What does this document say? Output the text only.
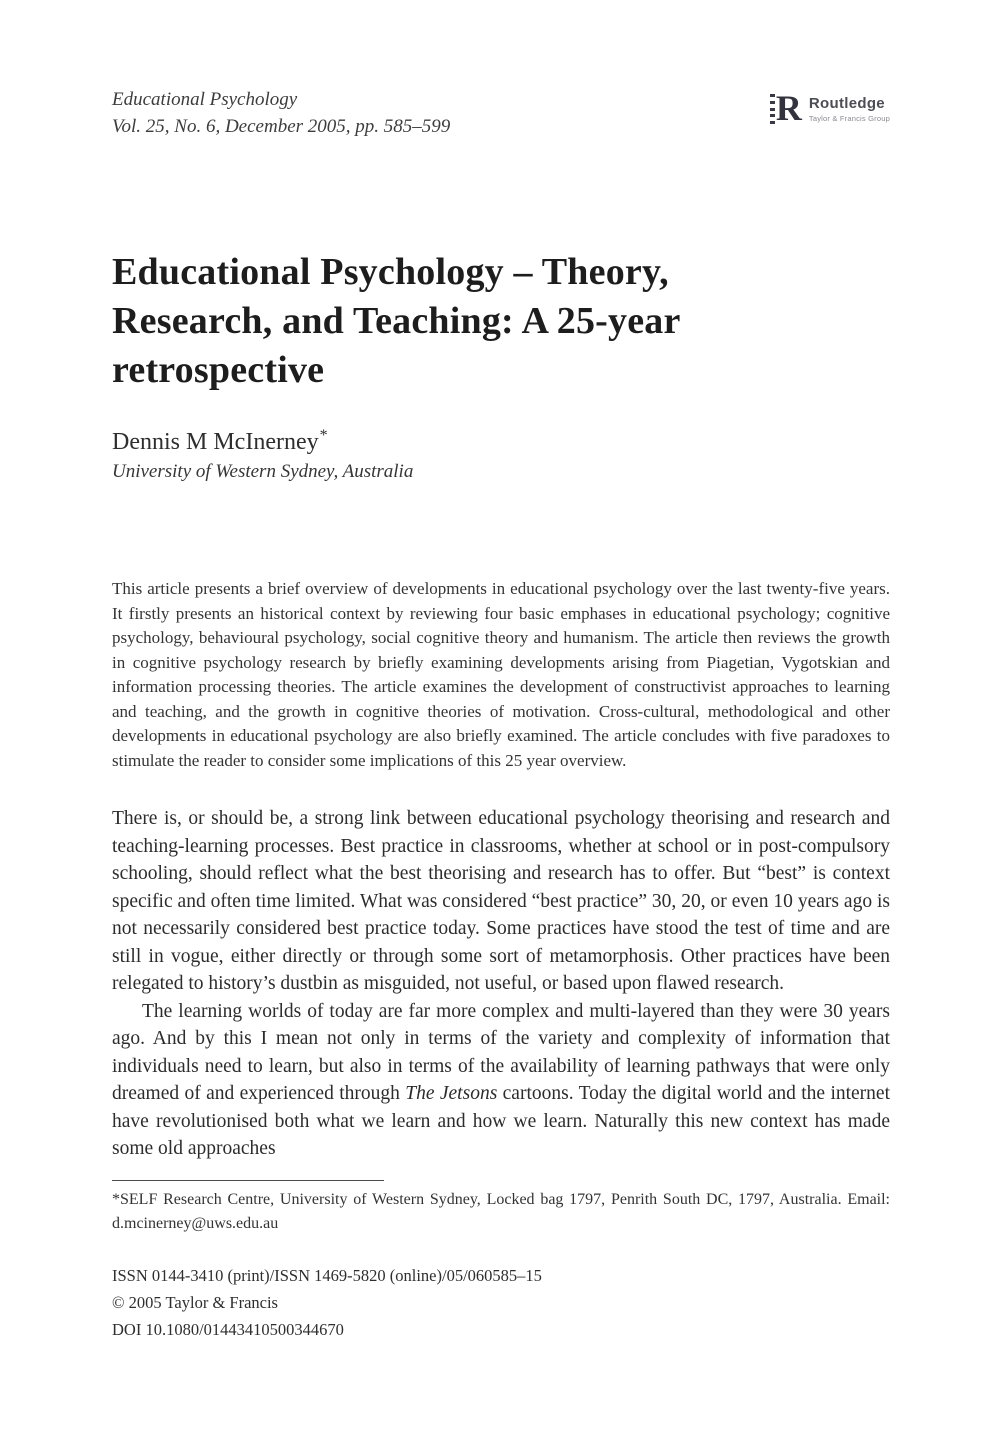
Educational Psychology
Vol. 25, No. 6, December 2005, pp. 585–599	R Routledge
Taylor & Francis Group
Educational Psychology – Theory,
Research, and Teaching: A 25-year
retrospective
Dennis M McInerney*
University of Western Sydney, Australia
This article presents a brief overview of developments in educational psychology over the last twenty-five years. It firstly presents an historical context by reviewing four basic emphases in educational psychology; cognitive psychology, behavioural psychology, social cognitive theory and humanism. The article then reviews the growth in cognitive psychology research by briefly examining developments arising from Piagetian, Vygotskian and information processing theories. The article examines the development of constructivist approaches to learning and teaching, and the growth in cognitive theories of motivation. Cross-cultural, methodological and other developments in educational psychology are also briefly examined. The article concludes with five paradoxes to stimulate the reader to consider some implications of this 25 year overview.

There is, or should be, a strong link between educational psychology theorising and research and teaching-learning processes. Best practice in classrooms, whether at school or in post-compulsory schooling, should reflect what the best theorising and research has to offer. But “best” is context specific and often time limited. What was considered “best practice” 30, 20, or even 10 years ago is not necessarily considered best practice today. Some practices have stood the test of time and are still in vogue, either directly or through some sort of metamorphosis. Other practices have been relegated to history’s dustbin as misguided, not useful, or based upon flawed research.

The learning worlds of today are far more complex and multi-layered than they were 30 years ago. And by this I mean not only in terms of the variety and complexity of information that individuals need to learn, but also in terms of the availability of learning pathways that were only dreamed of and experienced through The Jetsons cartoons. Today the digital world and the internet have revolutionised both what we learn and how we learn. Naturally this new context has made some old approaches

*SELF Research Centre, University of Western Sydney, Locked bag 1797, Penrith South DC, 1797, Australia. Email: d.mcinerney@uws.edu.au
ISSN 0144-3410 (print)/ISSN 1469-5820 (online)/05/060585–15
© 2005 Taylor & Francis
DOI 10.1080/01443410500344670
